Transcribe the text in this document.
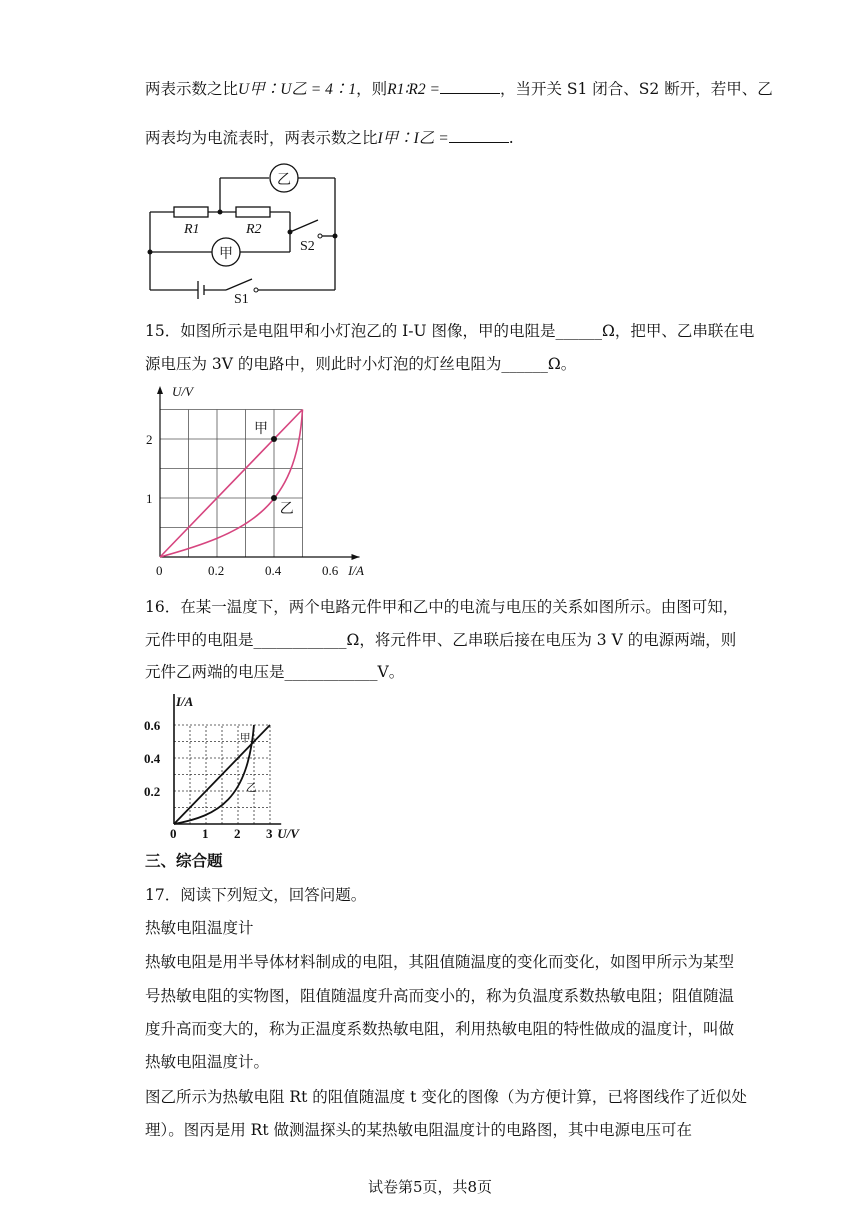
两表示数之比U甲∶U乙 = 4∶1，则R1∶R2 =	，当开关 S1 闭合、S2 断开，若甲、乙
两表均为电流表时，两表示数之比I甲∶I乙 =	.
乙
甲
R1	R2
S2
S1
15．如图所示是电阻甲和小灯泡乙的 I-U 图像，甲的电阻是______Ω，把甲、乙串联在电
源电压为 3V 的电路中，则此时小灯泡的灯丝电阻为______Ω。
0	0.2	0.4	0.6
1
2
I/A
U/V
甲
乙
16．在某一温度下，两个电路元件甲和乙中的电流与电压的关系如图所示。由图可知，
元件甲的电阻是____________Ω，将元件甲、乙串联后接在电压为 3 V 的电源两端，则
元件乙两端的电压是____________V。
0 1 2 3
0.2
0.4
0.6
U/V
I/A
甲
乙
三、综合题
17．阅读下列短文，回答问题。
热敏电阻温度计
热敏电阻是用半导体材料制成的电阻，其阻值随温度的变化而变化，如图甲所示为某型
号热敏电阻的实物图，阻值随温度升高而变小的，称为负温度系数热敏电阻；阻值随温
度升高而变大的，称为正温度系数热敏电阻，利用热敏电阻的特性做成的温度计，叫做
热敏电阻温度计。
图乙所示为热敏电阻 Rt 的阻值随温度 t 变化的图像（为方便计算，已将图线作了近似处
理）。图丙是用 Rt 做测温探头的某热敏电阻温度计的电路图，其中电源电压可在
试卷第5页，共8页
